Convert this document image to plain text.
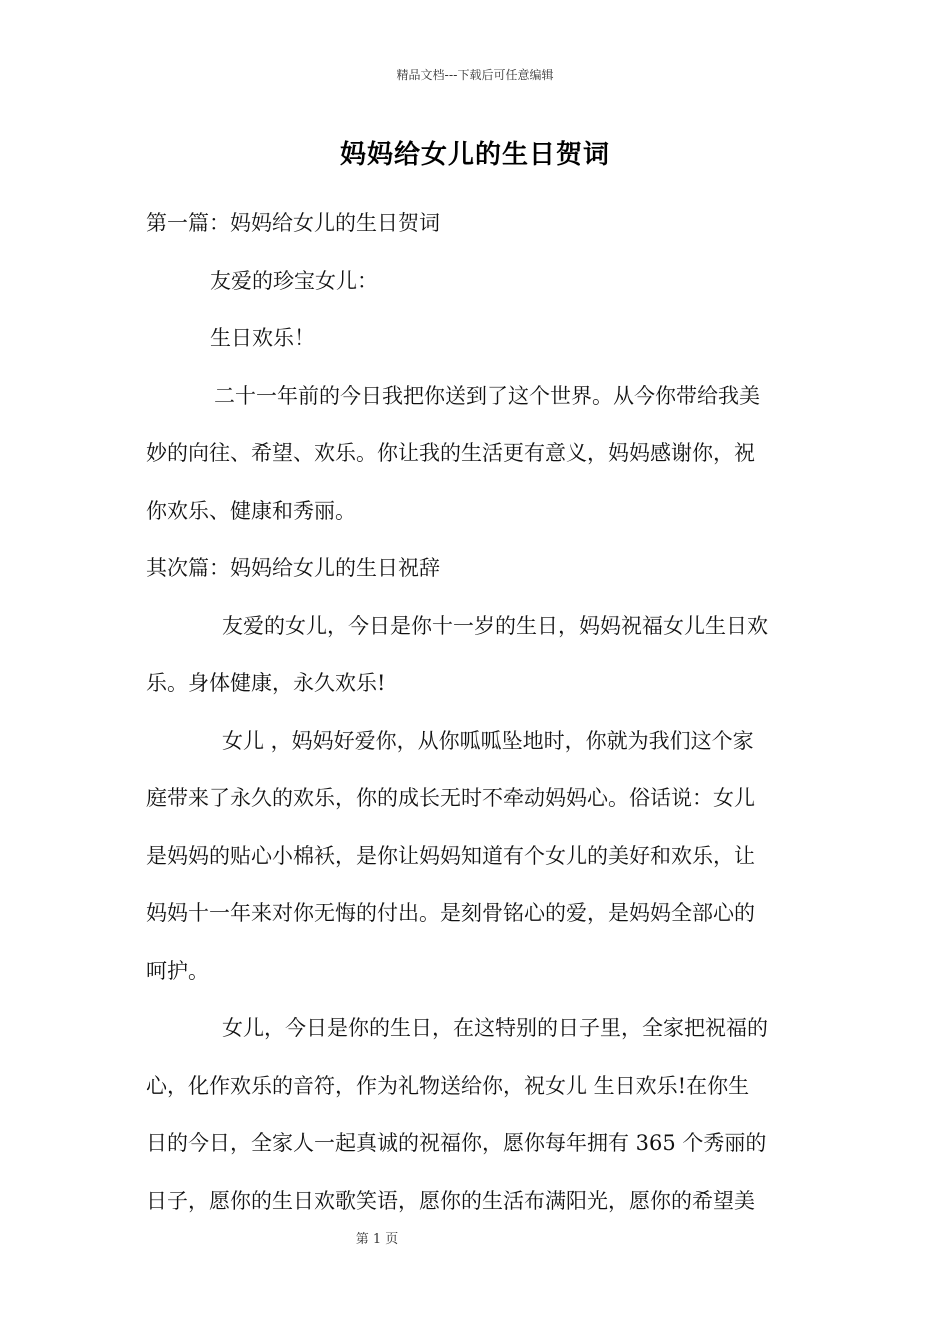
精品文档---下载后可任意编辑
妈妈给女儿的生日贺词
第一篇：妈妈给女儿的生日贺词
友爱的珍宝女儿：
生日欢乐！
二十一年前的今日我把你送到了这个世界。从今你带给我美
妙的向往、希望、欢乐。你让我的生活更有意义，妈妈感谢你，祝
你欢乐、健康和秀丽。
其次篇：妈妈给女儿的生日祝辞
友爱的女儿，今日是你十一岁的生日，妈妈祝福女儿生日欢
乐。身体健康，永久欢乐!
女儿 ，妈妈好爱你，从你呱呱坠地时，你就为我们这个家
庭带来了永久的欢乐，你的成长无时不牵动妈妈心。俗话说：女儿
是妈妈的贴心小棉袄，是你让妈妈知道有个女儿的美好和欢乐，让
妈妈十一年来对你无悔的付出。是刻骨铭心的爱，是妈妈全部心的
呵护。
女儿，今日是你的生日，在这特别的日子里，全家把祝福的
心，化作欢乐的音符，作为礼物送给你，祝女儿 生日欢乐!在你生
日的今日，全家人一起真诚的祝福你，愿你每年拥有 365 个秀丽的
日子，愿你的生日欢歌笑语，愿你的生活布满阳光，愿你的希望美
第 1 页
